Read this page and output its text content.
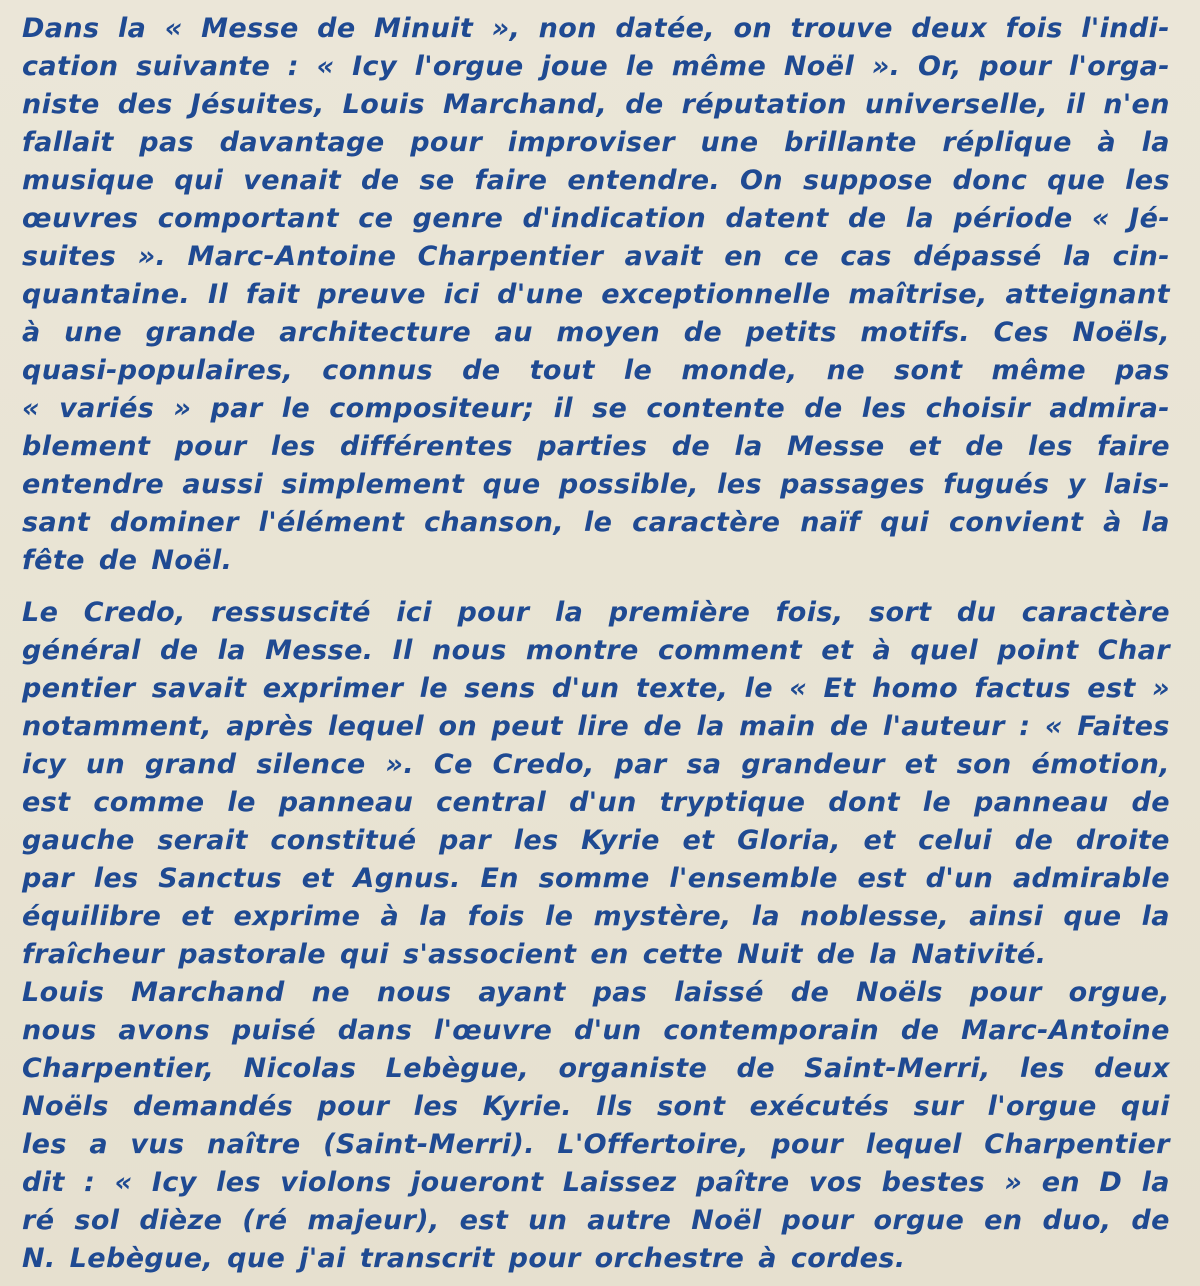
Dans la « Messe de Minuit », non datée, on trouve deux fois l'indi-
cation suivante : « Icy l'orgue joue le même Noël ». Or, pour l'orga-
niste des Jésuites, Louis Marchand, de réputation universelle, il n'en
fallait pas davantage pour improviser une brillante réplique à la
musique qui venait de se faire entendre. On suppose donc que les
œuvres comportant ce genre d'indication datent de la période « Jé-
suites ». Marc-Antoine Charpentier avait en ce cas dépassé la cin-
quantaine. Il fait preuve ici d'une exceptionnelle maîtrise, atteignant
à une grande architecture au moyen de petits motifs. Ces Noëls,
quasi-populaires, connus de tout le monde, ne sont même pas
« variés » par le compositeur; il se contente de les choisir admira-
blement pour les différentes parties de la Messe et de les faire
entendre aussi simplement que possible, les passages fugués y lais-
sant dominer l'élément chanson, le caractère naïf qui convient à la
fête de Noël.
Le Credo, ressuscité ici pour la première fois, sort du caractère
général de la Messe. Il nous montre comment et à quel point Char
pentier savait exprimer le sens d'un texte, le « Et homo factus est »
notamment, après lequel on peut lire de la main de l'auteur : « Faites
icy un grand silence ». Ce Credo, par sa grandeur et son émotion,
est comme le panneau central d'un tryptique dont le panneau de
gauche serait constitué par les Kyrie et Gloria, et celui de droite
par les Sanctus et Agnus. En somme l'ensemble est d'un admirable
équilibre et exprime à la fois le mystère, la noblesse, ainsi que la
fraîcheur pastorale qui s'associent en cette Nuit de la Nativité.
Louis Marchand ne nous ayant pas laissé de Noëls pour orgue,
nous avons puisé dans l'œuvre d'un contemporain de Marc-Antoine
Charpentier, Nicolas Lebègue, organiste de Saint-Merri, les deux
Noëls demandés pour les Kyrie. Ils sont exécutés sur l'orgue qui
les a vus naître (Saint-Merri). L'Offertoire, pour lequel Charpentier
dit : « Icy les violons joueront Laissez paître vos bestes » en D la
ré sol dièze (ré majeur), est un autre Noël pour orgue en duo, de
N. Lebègue, que j'ai transcrit pour orchestre à cordes.
